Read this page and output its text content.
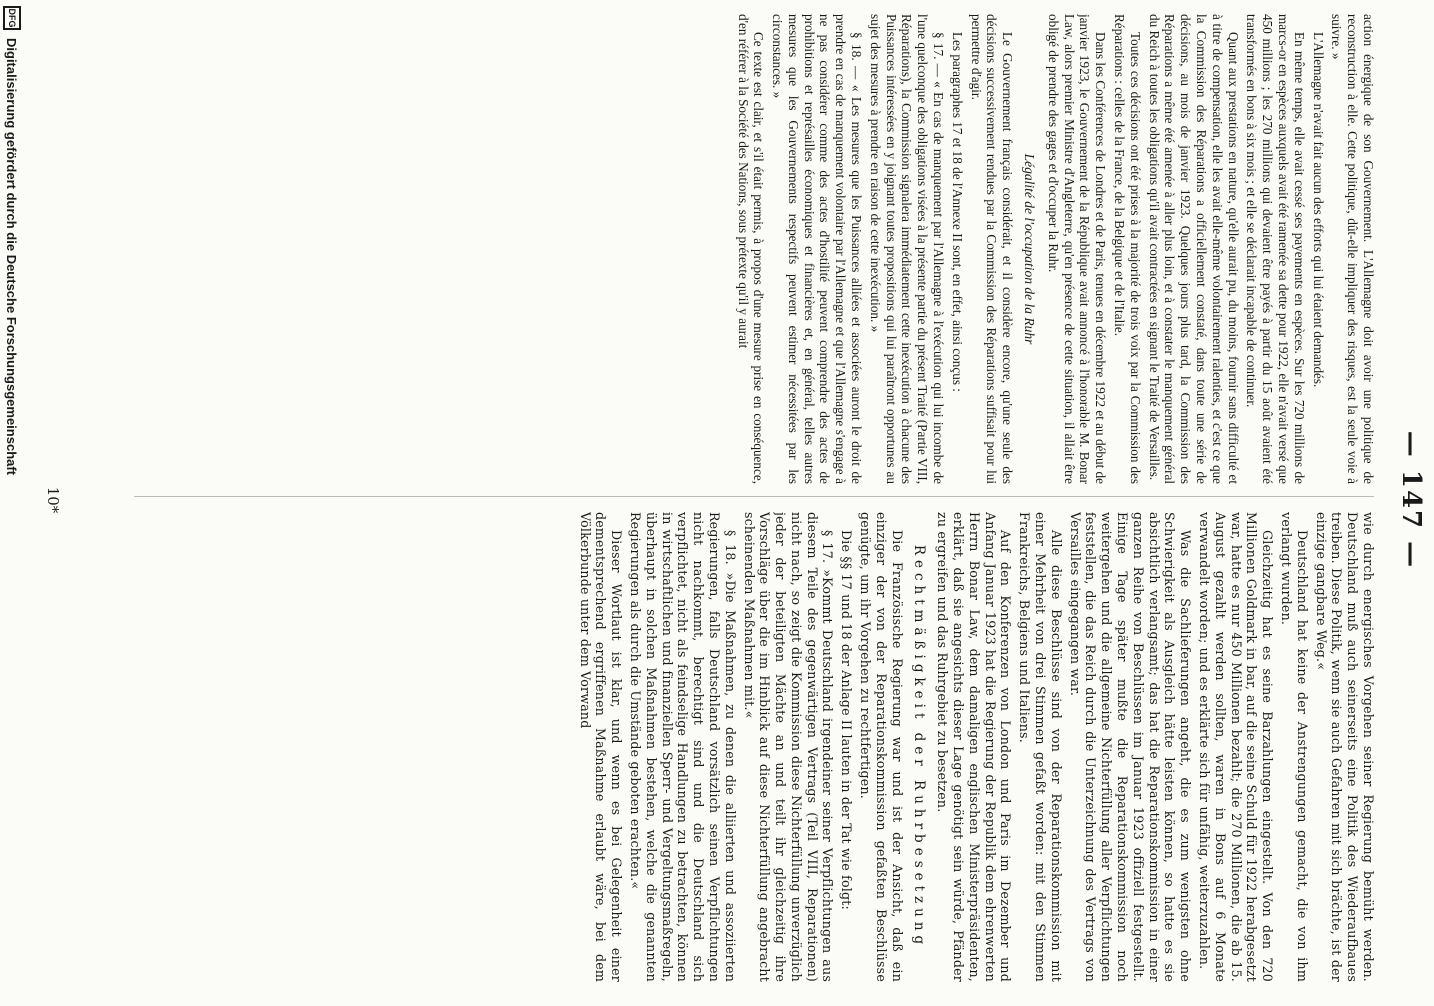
— 147 —

action énergique de son Gouvernement. L'Allemagne doit avoir une politique de reconstruction à elle. Cette politique, dût-elle impliquer des risques, est la seule voie à suivre. »

L'Allemagne n'avait fait aucun des efforts qui lui étaient demandés.

En même temps, elle avait cessé ses payements en espèces. Sur les 720 millions de marcs-or en espèces auxquels avait été ramenée sa dette pour 1922, elle n'avait versé que 450 millions ; les 270 millions qui devaient être payés à partir du 15 août avaient été transformés en bons à six mois ; et elle se déclarait incapable de continuer.

Quant aux prestations en nature, qu'elle aurait pu, du moins, fournir sans difficulté et à titre de compensation, elle les avait elle-même volontairement ralenties, et c'est ce que la Commission des Réparations a officiellement constaté, dans toute une série de décisions, au mois de janvier 1923. Quelques jours plus tard, la Commission des Réparations a même été amenée à aller plus loin, et à constater le manquement général du Reich à toutes les obligations qu'il avait contractées en signant le Traité de Versailles.

Toutes ces décisions ont été prises à la majorité de trois voix par la Commission des Réparations : celles de la France, de la Belgique et de l'Italie.

Dans les Conférences de Londres et de Paris, tenues en décembre 1922 et au début de janvier 1923, le Gouvernement de la République avait annoncé à l'honorable M. Bonar Law, alors premier Ministre d'Angleterre, qu'en présence de cette situation, il allait être obligé de prendre des gages et d'occuper la Ruhr.

Légalité de l'occupation de la Ruhr

Le Gouvernement français considérait, et il considère encore, qu'une seule des décisions successivement rendues par la Commission des Réparations suffisait pour lui permettre d'agir.

Les paragraphes 17 et 18 de l'Annexe II sont, en effet, ainsi conçus :

§ 17. — « En cas de manquement par l'Allemagne à l'exécution qui lui incombe de l'une quelconque des obligations visées à la présente partie du présent Traité (Partie VIII, Réparations), la Commission signalera immédiatement cette inexécution à chacune des Puissances intéressées en y joignant toutes propositions qui lui paraîtront opportunes au sujet des mesures à prendre en raison de cette inexécution. »

§ 18. — « Les mesures que les Puissances alliées et associées auront le droit de prendre en cas de manquement volontaire par l'Allemagne et que l'Allemagne s'engage à ne pas considérer comme des actes d'hostilité peuvent comprendre des actes de prohibitions et représailles économiques et financières et, en général, telles autres mesures que les Gouvernements respectifs peuvent estimer nécessitées par les circonstances. »

Ce texte est clair, et s'il était permis, à propos d'une mesure prise en conséquence, d'en référer à la Société des Nations, sous prétexte qu'il y aurait

wie durch energisches Vorgehen seiner Regierung bemüht werden. Deutschland muß auch seinerseits eine Politik des Wiederaufbaues treiben. Diese Politik, wenn sie auch Gefahren mit sich brächte, ist der einzige gangbare Weg.«

Deutschland hat keine der Anstrengungen gemacht, die von ihm verlangt wurden.

Gleichzeitig hat es seine Barzahlungen eingestellt. Von den 720 Millionen Goldmark in bar, auf die seine Schuld für 1922 herabgesetzt war, hatte es nur 450 Millionen bezahlt; die 270 Millionen, die ab 15. August gezahlt werden sollten, waren in Bons auf 6 Monate verwandelt worden; und es erklärte sich für unfähig, weiterzuzahlen.

Was die Sachlieferungen angeht, die es zum wenigsten ohne Schwierigkeit als Ausgleich hätte leisten können, so hatte es sie absichtlich verlangsamt; das hat die Reparationskommission in einer ganzen Reihe von Beschlüssen im Januar 1923 offiziell festgestellt. Einige Tage später mußte die Reparationskommission noch weitergehen und die allgemeine Nichterfüllung aller Verpflichtungen feststellen, die das Reich durch die Unterzeichnung des Vertrags von Versailles eingegangen war.

Alle diese Beschlüsse sind von der Reparationskommission mit einer Mehrheit von drei Stimmen gefaßt worden: mit den Stimmen Frankreichs, Belgiens und Italiens.

Auf den Konferenzen von London und Paris im Dezember und Anfang Januar 1923 hat die Regierung der Republik dem ehrenwerten Herrn Bonar Law, dem damaligen englischen Ministerpräsidenten, erklärt, daß sie angesichts dieser Lage genötigt sein würde, Pfänder zu ergreifen und das Ruhrgebiet zu besetzen.

Rechtmäßigkeit der Ruhrbesetzung

Die Französische Regierung war und ist der Ansicht, daß ein einziger der von der Reparationskommission gefaßten Beschlüsse genügte, um ihr Vorgehen zu rechtfertigen.

Die §§ 17 und 18 der Anlage II lauten in der Tat wie folgt:

§ 17. »Kommt Deutschland irgendeiner seiner Verpflichtungen aus diesem Teile des gegenwärtigen Vertrags (Teil VIII, Reparationen) nicht nach, so zeigt die Kommission diese Nichterfüllung unverzüglich jeder der beteiligten Mächte an und teilt ihr gleichzeitig ihre Vorschläge über die im Hinblick auf diese Nichterfüllung angebracht scheinenden Maßnahmen mit.«

§ 18. »Die Maßnahmen, zu denen die alliierten und assoziierten Regierungen, falls Deutschland vorsätzlich seinen Verpflichtungen nicht nachkommt, berechtigt sind und die Deutschland sich verpflichtet, nicht als feindselige Handlungen zu betrachten, können in wirtschaftlichen und finanziellen Sperr- und Vergeltungsmaßregeln, überhaupt in solchen Maßnahmen bestehen, welche die genannten Regierungen als durch die Umstände geboten erachten.«

Dieser Wortlaut ist klar, und wenn es bei Gelegenheit einer dementsprechend ergriffenen Maßnahme erlaubt wäre, bei dem Völkerbunde unter dem Vorwand

10*
DFG
Digitalisierung gefördert durch die Deutsche Forschungsgemeinschaft
